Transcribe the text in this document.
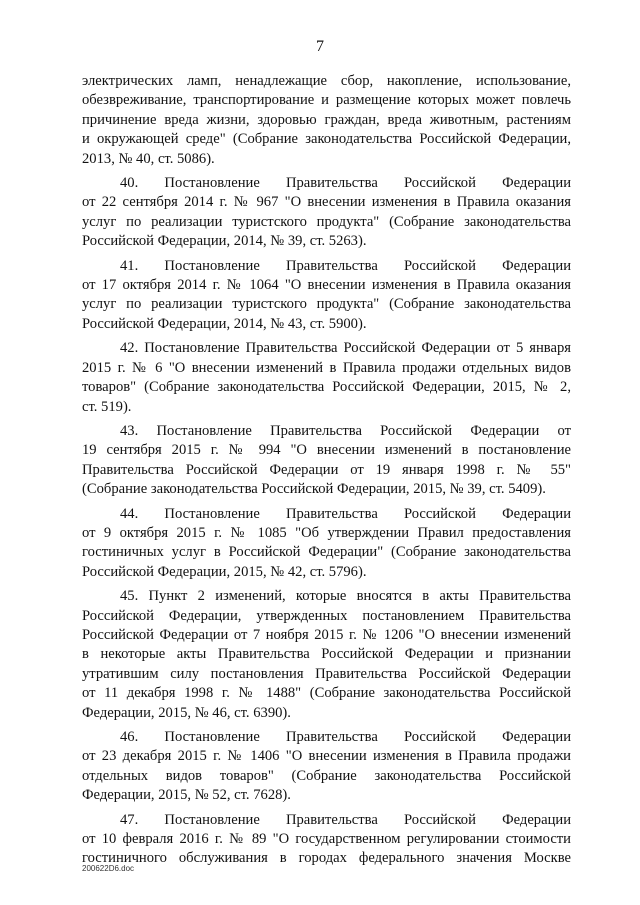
7
электрических ламп, ненадлежащие сбор, накопление, использование,
обезвреживание, транспортирование и размещение которых может повлечь
причинение вреда жизни, здоровью граждан, вреда животным, растениям
и окружающей среде" (Собрание законодательства Российской Федерации,
2013, № 40, ст. 5086).
40. Постановление Правительства Российской Федерации
от 22 сентября 2014 г. № 967 "О внесении изменения в Правила оказания
услуг по реализации туристского продукта" (Собрание законодательства
Российской Федерации, 2014, № 39, ст. 5263).
41. Постановление Правительства Российской Федерации
от 17 октября 2014 г. № 1064 "О внесении изменения в Правила оказания
услуг по реализации туристского продукта" (Собрание законодательства
Российской Федерации, 2014, № 43, ст. 5900).
42. Постановление Правительства Российской Федерации от 5 января
2015 г. № 6 "О внесении изменений в Правила продажи отдельных видов
товаров" (Собрание законодательства Российской Федерации, 2015, № 2,
ст. 519).
43. Постановление Правительства Российской Федерации от
19 сентября 2015 г. № 994 "О внесении изменений в постановление
Правительства Российской Федерации от 19 января 1998 г. № 55"
(Собрание законодательства Российской Федерации, 2015, № 39, ст. 5409).
44. Постановление Правительства Российской Федерации
от 9 октября 2015 г. № 1085 "Об утверждении Правил предоставления
гостиничных услуг в Российской Федерации" (Собрание законодательства
Российской Федерации, 2015, № 42, ст. 5796).
45. Пункт 2 изменений, которые вносятся в акты Правительства
Российской Федерации, утвержденных постановлением Правительства
Российской Федерации от 7 ноября 2015 г. № 1206 "О внесении изменений
в некоторые акты Правительства Российской Федерации и признании
утратившим силу постановления Правительства Российской Федерации
от 11 декабря 1998 г. № 1488" (Собрание законодательства Российской
Федерации, 2015, № 46, ст. 6390).
46. Постановление Правительства Российской Федерации
от 23 декабря 2015 г. № 1406 "О внесении изменения в Правила продажи
отдельных видов товаров" (Собрание законодательства Российской
Федерации, 2015, № 52, ст. 7628).
47. Постановление Правительства Российской Федерации
от 10 февраля 2016 г. № 89 "О государственном регулировании стоимости
гостиничного обслуживания в городах федерального значения Москве
200622D6.doc
